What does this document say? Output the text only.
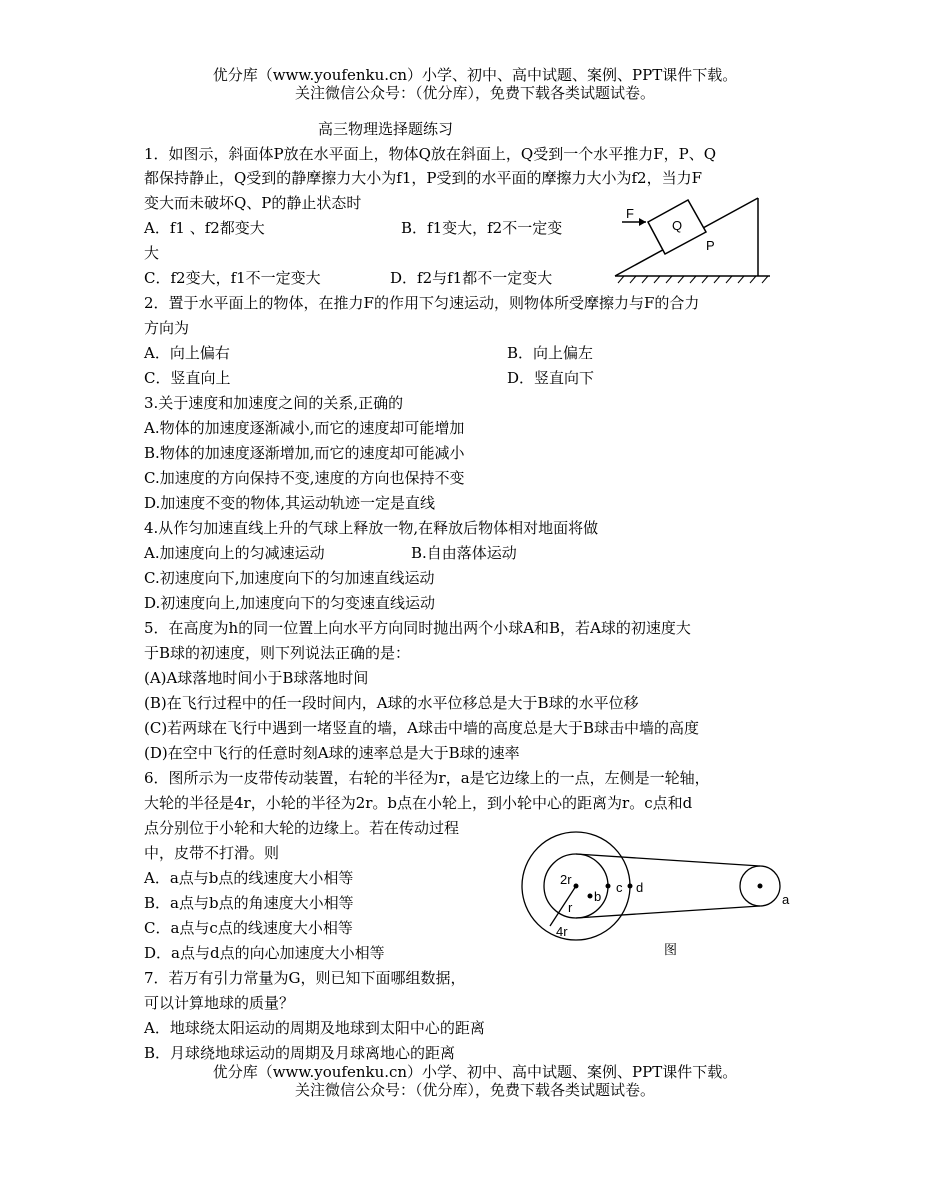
优分库（www.youfenku.cn）小学、初中、高中试题、案例、PPT课件下载。
关注微信公众号：（优分库），免费下载各类试题试卷。
高三物理选择题练习
1．如图示，斜面体P放在水平面上，物体Q放在斜面上，Q受到一个水平推力F，P、Q
都保持静止，Q受到的静摩擦力大小为f1，P受到的水平面的摩擦力大小为f2，当力F
变大而未破坏Q、P的静止状态时
A．f1 、f2都变大	B．f1变大，f2不一定变
大
C．f2变大，f1不一定变大	D．f2与f1都不一定变大
F
Q
P
2．置于水平面上的物体，在推力F的作用下匀速运动，则物体所受摩擦力与F的合力
方向为
A．向上偏右	B．向上偏左
C．竖直向上	D．竖直向下
3.关于速度和加速度之间的关系,正确的
A.物体的加速度逐渐减小,而它的速度却可能增加
B.物体的加速度逐渐增加,而它的速度却可能减小
C.加速度的方向保持不变,速度的方向也保持不变
D.加速度不变的物体,其运动轨迹一定是直线
4.从作匀加速直线上升的气球上释放一物,在释放后物体相对地面将做
A.加速度向上的匀减速运动	B.自由落体运动
C.初速度向下,加速度向下的匀加速直线运动
D.初速度向上,加速度向下的匀变速直线运动
5．在高度为h的同一位置上向水平方向同时抛出两个小球A和B，若A球的初速度大
于B球的初速度，则下列说法正确的是：
(A)A球落地时间小于B球落地时间
(B)在飞行过程中的任一段时间内，A球的水平位移总是大于B球的水平位移
(C)若两球在飞行中遇到一堵竖直的墙，A球击中墙的高度总是大于B球击中墙的高度
(D)在空中飞行的任意时刻A球的速率总是大于B球的速率
6．图所示为一皮带传动装置，右轮的半径为r，a是它边缘上的一点，左侧是一轮轴，
大轮的半径是4r，小轮的半径为2r。b点在小轮上，到小轮中心的距离为r。c点和d
点分别位于小轮和大轮的边缘上。若在传动过程
中，皮带不打滑。则
A．a点与b点的线速度大小相等
B．a点与b点的角速度大小相等
C．a点与c点的线速度大小相等
D．a点与d点的向心加速度大小相等
2r
b
c d
r
4r
a
图
7．若万有引力常量为G，则已知下面哪组数据，
可以计算地球的质量？
A．地球绕太阳运动的周期及地球到太阳中心的距离
B．月球绕地球运动的周期及月球离地心的距离
优分库（www.youfenku.cn）小学、初中、高中试题、案例、PPT课件下载。
关注微信公众号：（优分库），免费下载各类试题试卷。
